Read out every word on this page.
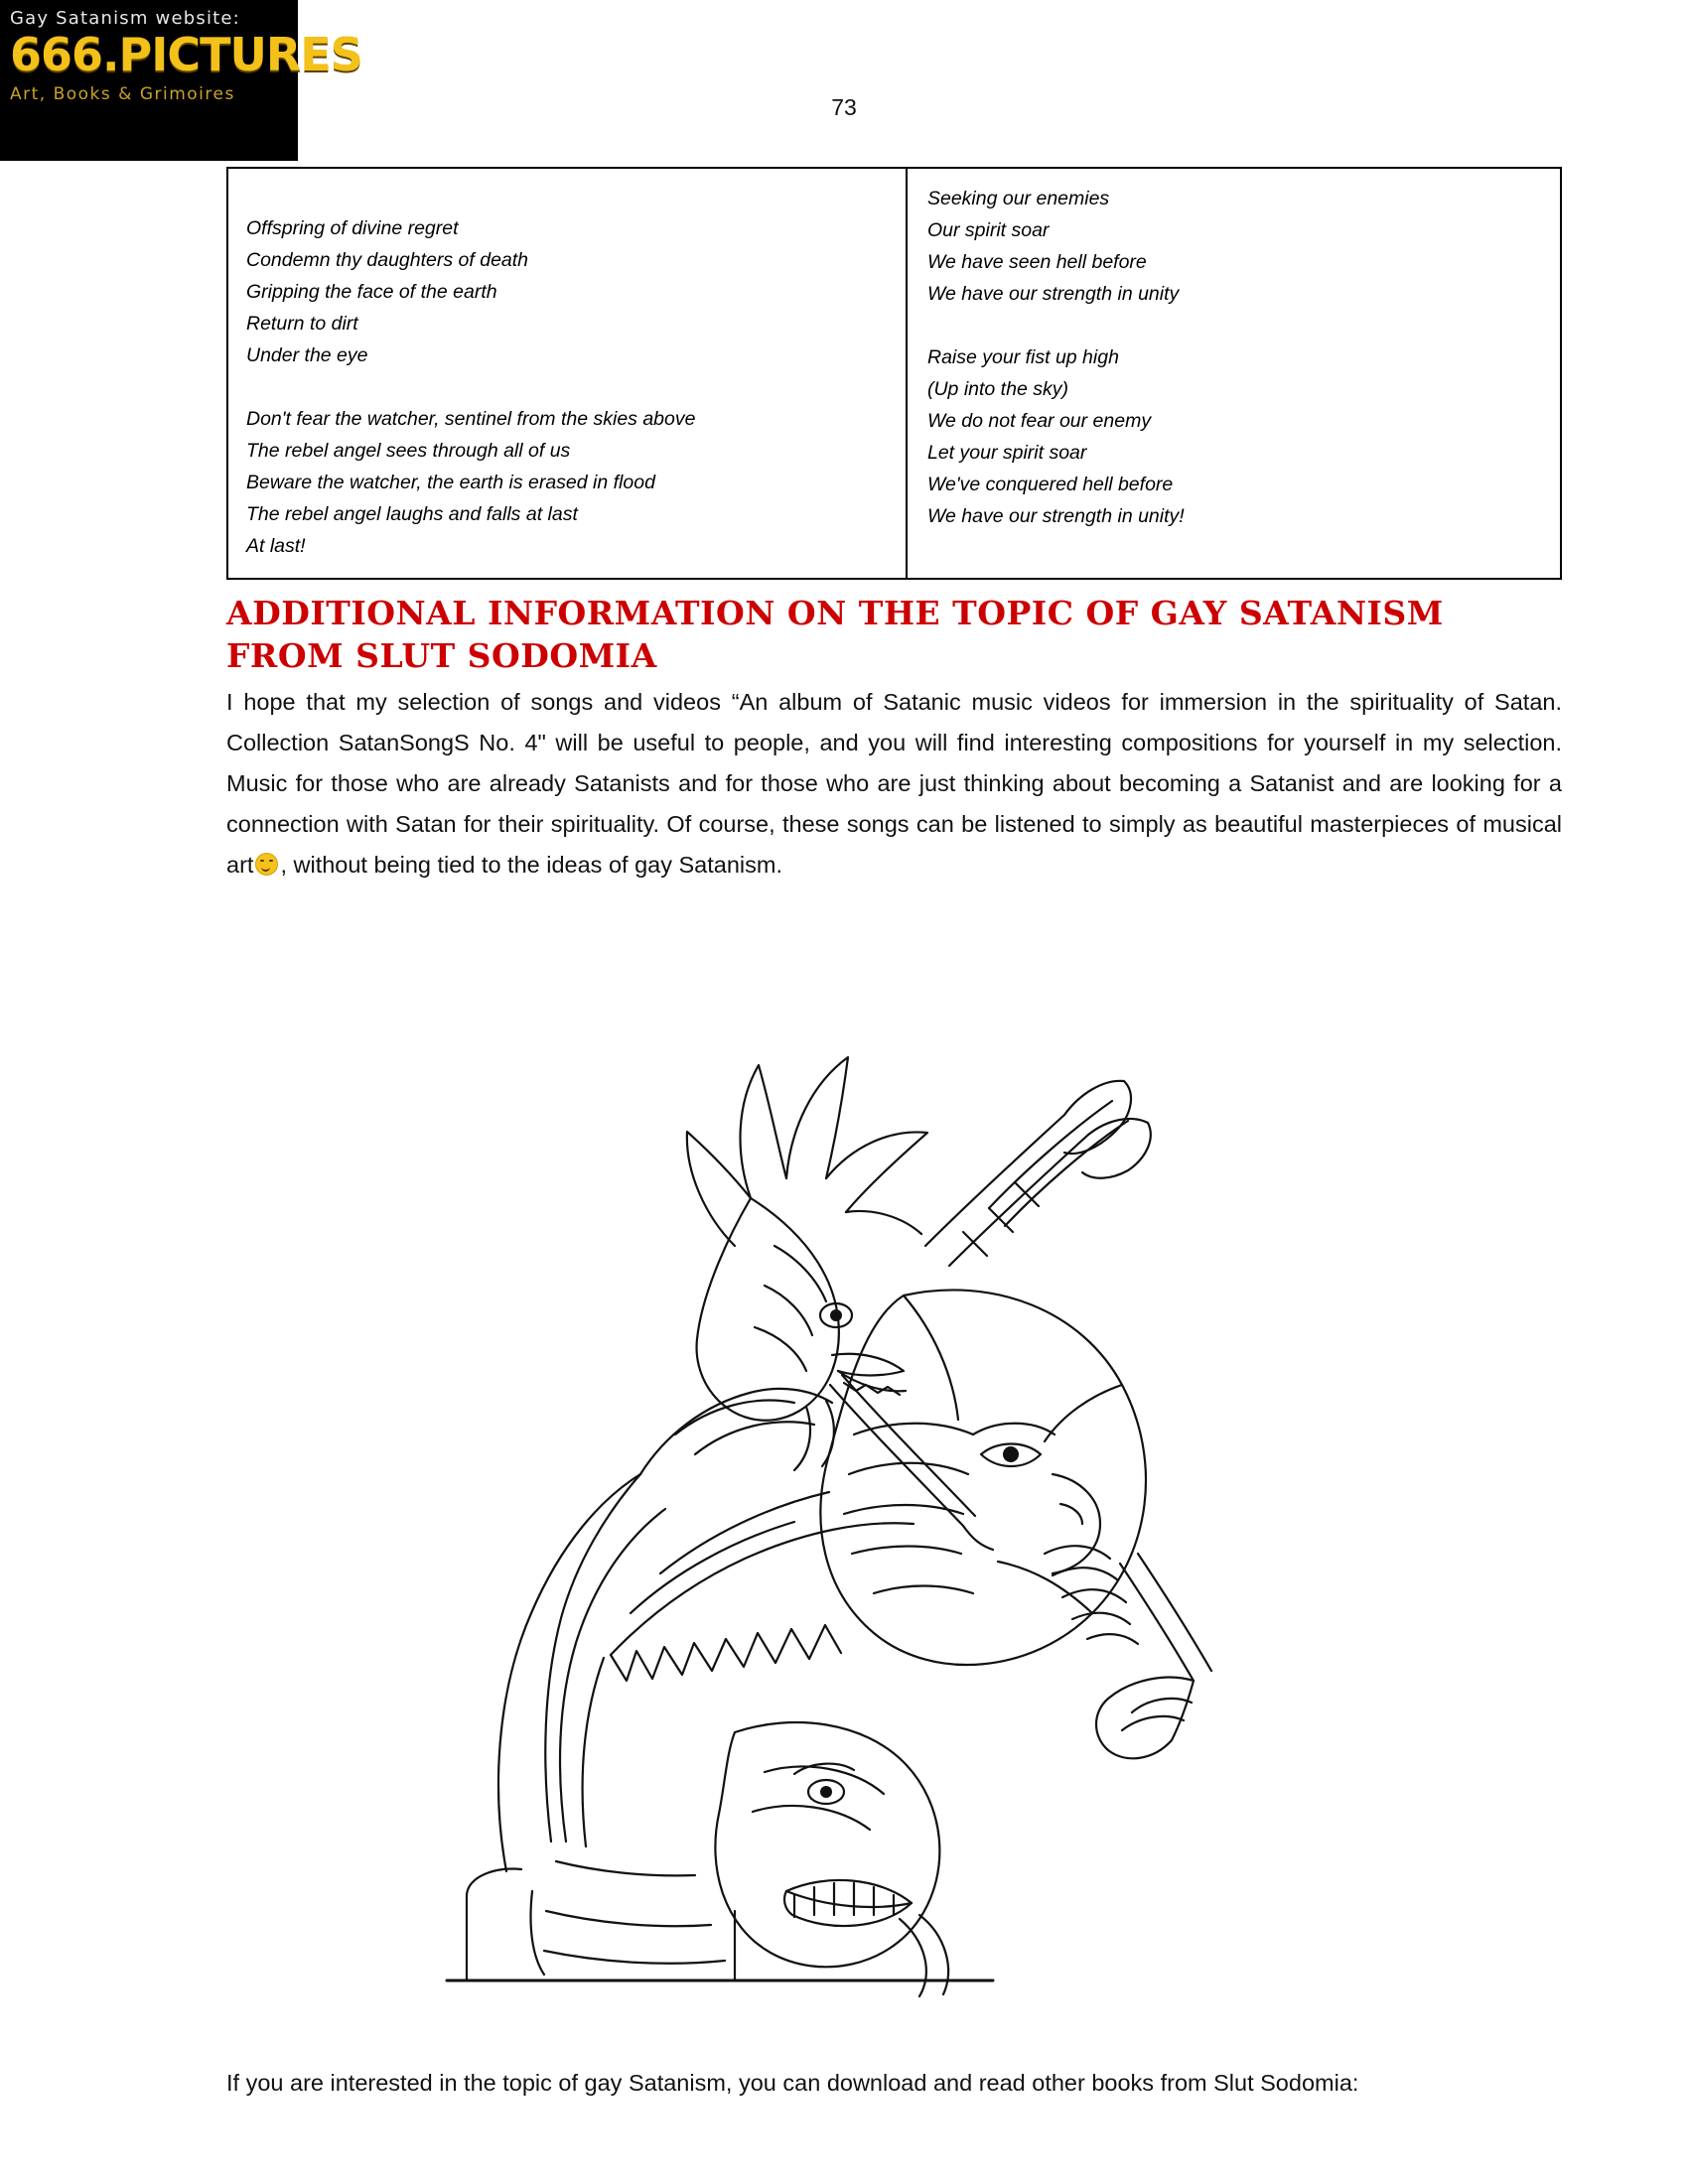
Gay Satanism website:
666.PICTURES
Art, Books & Grimoires	73
Offspring of divine regret
Condemn thy daughters of death
Gripping the face of the earth
Return to dirt
Under the eye
Don't fear the watcher, sentinel from the skies above
The rebel angel sees through all of us
Beware the watcher, the earth is erased in flood
The rebel angel laughs and falls at last
At last!
Seeking our enemies
Our spirit soar
We have seen hell before
We have our strength in unity
Raise your fist up high
(Up into the sky)
We do not fear our enemy
Let your spirit soar
We've conquered hell before
We have our strength in unity!
ADDITIONAL INFORMATION ON THE TOPIC OF GAY SATANISM FROM SLUT SODOMIA

I hope that my selection of songs and videos “An album of Satanic music videos for immersion in the spirituality of Satan. Collection SatanSongS No. 4" will be useful to people, and you will find interesting compositions for yourself in my selection. Music for those who are already Satanists and for those who are just thinking about becoming a Satanist and are looking for a connection with Satan for their spirituality. Of course, these songs can be listened to simply as beautiful masterpieces of musical art , without being tied to the ideas of gay Satanism.

If you are interested in the topic of gay Satanism, you can download and read other books from Slut Sodomia:
